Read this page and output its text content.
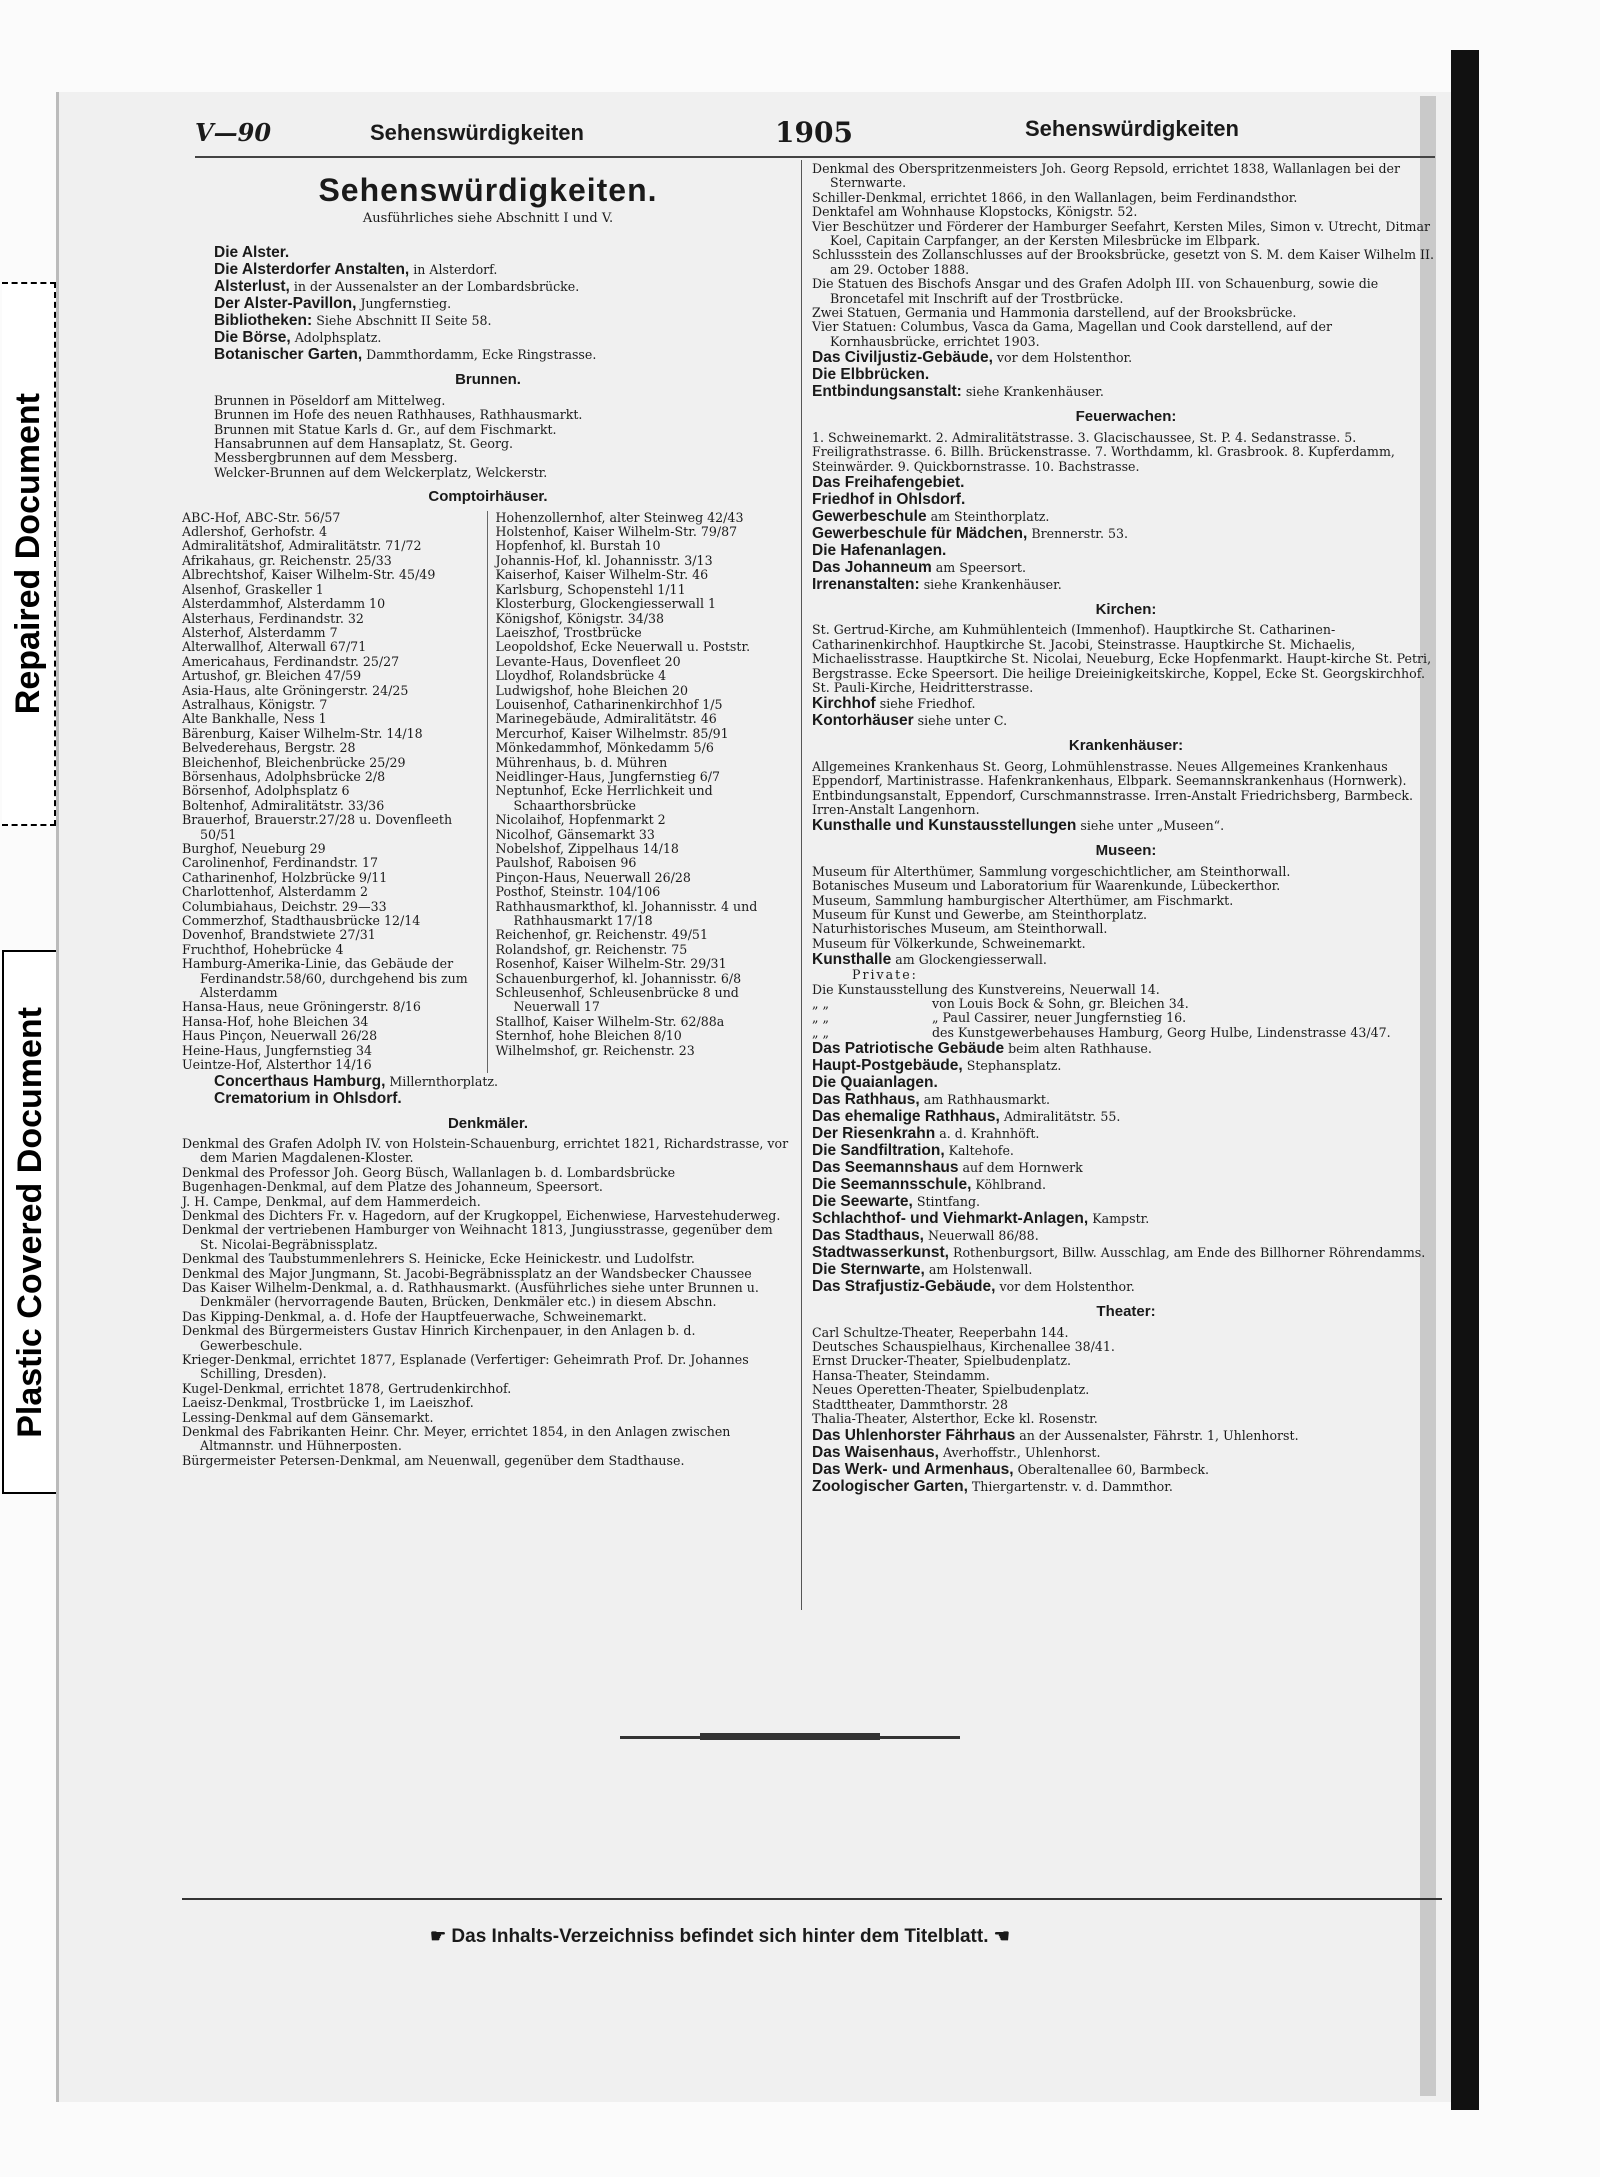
Repaired Document
Plastic Covered Document
V—90	Sehenswürdigkeiten	1905	Sehenswürdigkeiten

Sehenswürdigkeiten.

Ausführliches siehe Abschnitt I und V.

Die Alster.

Die Alsterdorfer Anstalten, in Alsterdorf.

Alsterlust, in der Aussenalster an der Lombardsbrücke.

Der Alster-Pavillon, Jungfernstieg.

Bibliotheken: Siehe Abschnitt II Seite 58.

Die Börse, Adolphsplatz.

Botanischer Garten, Dammthordamm, Ecke Ringstrasse.

Brunnen.

Brunnen in Pöseldorf am Mittelweg.

Brunnen im Hofe des neuen Rathhauses, Rathhausmarkt.

Brunnen mit Statue Karls d. Gr., auf dem Fischmarkt.

Hansabrunnen auf dem Hansaplatz, St. Georg.

Messbergbrunnen auf dem Messberg.

Welcker-Brunnen auf dem Welckerplatz, Welckerstr.

Comptoirhäuser.

ABC-Hof, ABC-Str. 56/57

Adlershof, Gerhofstr. 4

Admiralitätshof, Admiralitätstr. 71/72

Afrikahaus, gr. Reichenstr. 25/33

Albrechtshof, Kaiser Wilhelm-Str. 45/49

Alsenhof, Graskeller 1

Alsterdammhof, Alsterdamm 10

Alsterhaus, Ferdinandstr. 32

Alsterhof, Alsterdamm 7

Alterwallhof, Alterwall 67/71

Americahaus, Ferdinandstr. 25/27

Artushof, gr. Bleichen 47/59

Asia-Haus, alte Gröningerstr. 24/25

Astralhaus, Königstr. 7

Alte Bankhalle, Ness 1

Bärenburg, Kaiser Wilhelm-Str. 14/18

Belvederehaus, Bergstr. 28

Bleichenhof, Bleichenbrücke 25/29

Börsenhaus, Adolphsbrücke 2/8

Börsenhof, Adolphsplatz 6

Boltenhof, Admiralitätstr. 33/36

Brauerhof, Brauerstr.27/28 u. Dovenfleeth 50/51

Burghof, Neueburg 29

Carolinenhof, Ferdinandstr. 17

Catharinenhof, Holzbrücke 9/11

Charlottenhof, Alsterdamm 2

Columbiahaus, Deichstr. 29—33

Commerzhof, Stadthausbrücke 12/14

Dovenhof, Brandstwiete 27/31

Fruchthof, Hohebrücke 4

Hamburg-Amerika-Linie, das Gebäude der Ferdinandstr.58/60, durchgehend bis zum Alsterdamm

Hansa-Haus, neue Gröningerstr. 8/16

Hansa-Hof, hohe Bleichen 34

Haus Pinçon, Neuerwall 26/28

Heine-Haus, Jungfernstieg 34

Ueintze-Hof, Alsterthor 14/16

Hohenzollernhof, alter Steinweg 42/43

Holstenhof, Kaiser Wilhelm-Str. 79/87

Hopfenhof, kl. Burstah 10

Johannis-Hof, kl. Johannisstr. 3/13

Kaiserhof, Kaiser Wilhelm-Str. 46

Karlsburg, Schopenstehl 1/11

Klosterburg, Glockengiesserwall 1

Königshof, Königstr. 34/38

Laeiszhof, Trostbrücke

Leopoldshof, Ecke Neuerwall u. Poststr.

Levante-Haus, Dovenfleet 20

Lloydhof, Rolandsbrücke 4

Ludwigshof, hohe Bleichen 20

Louisenhof, Catharinenkirchhof 1/5

Marinegebäude, Admiralitätstr. 46

Mercurhof, Kaiser Wilhelmstr. 85/91

Mönkedammhof, Mönkedamm 5/6

Mührenhaus, b. d. Mühren

Neidlinger-Haus, Jungfernstieg 6/7

Neptunhof, Ecke Herrlichkeit und Schaarthorsbrücke

Nicolaihof, Hopfenmarkt 2

Nicolhof, Gänsemarkt 33

Nobelshof, Zippelhaus 14/18

Paulshof, Raboisen 96

Pinçon-Haus, Neuerwall 26/28

Posthof, Steinstr. 104/106

Rathhausmarkthof, kl. Johannisstr. 4 und Rathhausmarkt 17/18

Reichenhof, gr. Reichenstr. 49/51

Rolandshof, gr. Reichenstr. 75

Rosenhof, Kaiser Wilhelm-Str. 29/31

Schauenburgerhof, kl. Johannisstr. 6/8

Schleusenhof, Schleusenbrücke 8 und Neuerwall 17

Stallhof, Kaiser Wilhelm-Str. 62/88a

Sternhof, hohe Bleichen 8/10

Wilhelmshof, gr. Reichenstr. 23

Concerthaus Hamburg, Millernthorplatz.

Crematorium in Ohlsdorf.

Denkmäler.

Denkmal des Grafen Adolph IV. von Holstein-Schauenburg, errichtet 1821, Richardstrasse, vor dem Marien Magdalenen-Kloster.

Denkmal des Professor Joh. Georg Büsch, Wallanlagen b. d. Lombardsbrücke

Bugenhagen-Denkmal, auf dem Platze des Johanneum, Speersort.

J. H. Campe, Denkmal, auf dem Hammerdeich.

Denkmal des Dichters Fr. v. Hagedorn, auf der Krugkoppel, Eichenwiese, Harvestehuderweg.

Denkmal der vertriebenen Hamburger von Weihnacht 1813, Jungiusstrasse, gegenüber dem St. Nicolai-Begräbnissplatz.

Denkmal des Taubstummenlehrers S. Heinicke, Ecke Heinickestr. und Ludolfstr.

Denkmal des Major Jungmann, St. Jacobi-Begräbnissplatz an der Wandsbecker Chaussee

Das Kaiser Wilhelm-Denkmal, a. d. Rathhausmarkt. (Ausführliches siehe unter Brunnen u. Denkmäler (hervorragende Bauten, Brücken, Denkmäler etc.) in diesem Abschn.

Das Kipping-Denkmal, a. d. Hofe der Hauptfeuerwache, Schweinemarkt.

Denkmal des Bürgermeisters Gustav Hinrich Kirchenpauer, in den Anlagen b. d. Gewerbeschule.

Krieger-Denkmal, errichtet 1877, Esplanade (Verfertiger: Geheimrath Prof. Dr. Johannes Schilling, Dresden).

Kugel-Denkmal, errichtet 1878, Gertrudenkirchhof.

Laeisz-Denkmal, Trostbrücke 1, im Laeiszhof.

Lessing-Denkmal auf dem Gänsemarkt.

Denkmal des Fabrikanten Heinr. Chr. Meyer, errichtet 1854, in den Anlagen zwischen Altmannstr. und Hühnerposten.

Bürgermeister Petersen-Denkmal, am Neuenwall, gegenüber dem Stadthause.

Denkmal des Oberspritzenmeisters Joh. Georg Repsold, errichtet 1838, Wallanlagen bei der Sternwarte.

Schiller-Denkmal, errichtet 1866, in den Wallanlagen, beim Ferdinandsthor.

Denktafel am Wohnhause Klopstocks, Königstr. 52.

Vier Beschützer und Förderer der Hamburger Seefahrt, Kersten Miles, Simon v. Utrecht, Ditmar Koel, Capitain Carpfanger, an der Kersten Milesbrücke im Elbpark.

Schlussstein des Zollanschlusses auf der Brooksbrücke, gesetzt von S. M. dem Kaiser Wilhelm II. am 29. October 1888.

Die Statuen des Bischofs Ansgar und des Grafen Adolph III. von Schauenburg, sowie die Broncetafel mit Inschrift auf der Trostbrücke.

Zwei Statuen, Germania und Hammonia darstellend, auf der Brooksbrücke.

Vier Statuen: Columbus, Vasca da Gama, Magellan und Cook darstellend, auf der Kornhausbrücke, errichtet 1903.

Das Civiljustiz-Gebäude, vor dem Holstenthor.

Die Elbbrücken.

Entbindungsanstalt: siehe Krankenhäuser.

Feuerwachen:

1. Schweinemarkt. 2. Admiralitätstrasse. 3. Glacischaussee, St. P. 4. Sedanstrasse. 5. Freiligrathstrasse. 6. Billh. Brückenstrasse. 7. Worthdamm, kl. Grasbrook. 8. Kupferdamm, Steinwärder. 9. Quickbornstrasse. 10. Bachstrasse.

Das Freihafengebiet.

Friedhof in Ohlsdorf.

Gewerbeschule am Steinthorplatz.

Gewerbeschule für Mädchen, Brennerstr. 53.

Die Hafenanlagen.

Das Johanneum am Speersort.

Irrenanstalten: siehe Krankenhäuser.

Kirchen:

St. Gertrud-Kirche, am Kuhmühlenteich (Immenhof). Hauptkirche St. Catharinen-Catharinenkirchhof. Hauptkirche St. Jacobi, Steinstrasse. Hauptkirche St. Michaelis, Michaelisstrasse. Hauptkirche St. Nicolai, Neueburg, Ecke Hopfenmarkt. Haupt-kirche St. Petri, Bergstrasse. Ecke Speersort. Die heilige Dreieinigkeitskirche, Koppel, Ecke St. Georgskirchhof. St. Pauli-Kirche, Heidritterstrasse.

Kirchhof siehe Friedhof.

Kontorhäuser siehe unter C.

Krankenhäuser:

Allgemeines Krankenhaus St. Georg, Lohmühlenstrasse. Neues Allgemeines Krankenhaus Eppendorf, Martinistrasse. Hafenkrankenhaus, Elbpark. Seemannskrankenhaus (Hornwerk). Entbindungsanstalt, Eppendorf, Curschmannstrasse. Irren-Anstalt Friedrichsberg, Barmbeck. Irren-Anstalt Langenhorn.

Kunsthalle und Kunstausstellungen siehe unter „Museen“.

Museen:

Museum für Alterthümer, Sammlung vorgeschichtlicher, am Steinthorwall.

Botanisches Museum und Laboratorium für Waarenkunde, Lübeckerthor.

Museum, Sammlung hamburgischer Alterthümer, am Fischmarkt.

Museum für Kunst und Gewerbe, am Steinthorplatz.

Naturhistorisches Museum, am Steinthorwall.

Museum für Völkerkunde, Schweinemarkt.

Kunsthalle am Glockengiesserwall.

Private:

Die Kunstausstellung des Kunstvereins, Neuerwall 14.

„ „	von Louis Bock & Sohn, gr. Bleichen 34.

„ „	„ Paul Cassirer, neuer Jungfernstieg 16.

„ „	des Kunstgewerbehauses Hamburg, Georg Hulbe, Lindenstrasse 43/47.

Das Patriotische Gebäude beim alten Rathhause.

Haupt-Postgebäude, Stephansplatz.

Die Quaianlagen.

Das Rathhaus, am Rathhausmarkt.

Das ehemalige Rathhaus, Admiralitätstr. 55.

Der Riesenkrahn a. d. Krahnhöft.

Die Sandfiltration, Kaltehofe.

Das Seemannshaus auf dem Hornwerk

Die Seemannsschule, Köhlbrand.

Die Seewarte, Stintfang.

Schlachthof- und Viehmarkt-Anlagen, Kampstr.

Das Stadthaus, Neuerwall 86/88.

Stadtwasserkunst, Rothenburgsort, Billw. Ausschlag, am Ende des Billhorner Röhrendamms.

Die Sternwarte, am Holstenwall.

Das Strafjustiz-Gebäude, vor dem Holstenthor.

Theater:

Carl Schultze-Theater, Reeperbahn 144.

Deutsches Schauspielhaus, Kirchenallee 38/41.

Ernst Drucker-Theater, Spielbudenplatz.

Hansa-Theater, Steindamm.

Neues Operetten-Theater, Spielbudenplatz.

Stadttheater, Dammthorstr. 28

Thalia-Theater, Alsterthor, Ecke kl. Rosenstr.

Das Uhlenhorster Fährhaus an der Aussenalster, Fährstr. 1, Uhlenhorst.

Das Waisenhaus, Averhoffstr., Uhlenhorst.

Das Werk- und Armenhaus, Oberaltenallee 60, Barmbeck.

Zoologischer Garten, Thiergartenstr. v. d. Dammthor.

☛ Das Inhalts-Verzeichniss befindet sich hinter dem Titelblatt. ☚
